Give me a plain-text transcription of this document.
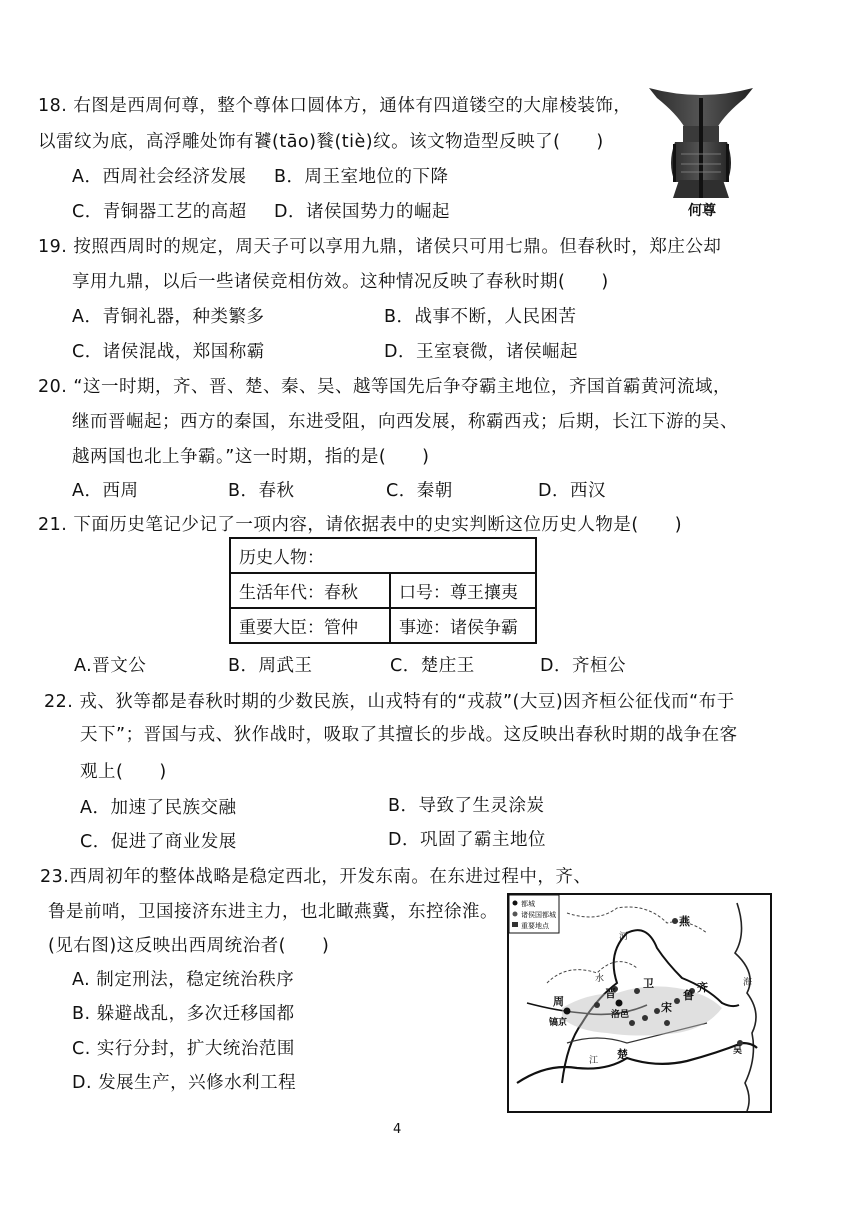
18. 右图是西周何尊，整个尊体口圆体方，通体有四道镂空的大扉棱装饰，
以雷纹为底，高浮雕处饰有饕(tāo)餮(tiè)纹。该文物造型反映了(　　)
A．西周社会经济发展 B．周王室地位的下降
C．青铜器工艺的高超 D．诸侯国势力的崛起	何尊
19. 按照西周时的规定，周天子可以享用九鼎，诸侯只可用七鼎。但春秋时，郑庄公却
享用九鼎，以后一些诸侯竞相仿效。这种情况反映了春秋时期(　　)
A．青铜礼器，种类繁多	B．战事不断，人民困苦
C．诸侯混战，郑国称霸	D．王室衰微，诸侯崛起
20. “这一时期，齐、晋、楚、秦、吴、越等国先后争夺霸主地位，齐国首霸黄河流域，
继而晋崛起；西方的秦国，东进受阻，向西发展，称霸西戎；后期，长江下游的吴、
越两国也北上争霸。”这一时期，指的是(　　)
A．西周	B．春秋	C．秦朝	D．西汉
21. 下面历史笔记少记了一项内容，请依据表中的史实判断这位历史人物是(　　)
历史人物：	
生活年代：春秋	口号：尊王攘夷
重要大臣：管仲	事迹：诸侯争霸
A.晋文公	B．周武王	C．楚庄王	D．齐桓公
22. 戎、狄等都是春秋时期的少数民族，山戎特有的“戎菽”(大豆)因齐桓公征伐而“布于
天下”；晋国与戎、狄作战时，吸取了其擅长的步战。这反映出春秋时期的战争在客
观上(　　)
A．加速了民族交融	B．导致了生灵涂炭
C．促进了商业发展	D．巩固了霸主地位
23.西周初年的整体战略是稳定西北，开发东南。在东进过程中，齐、
鲁是前哨，卫国接济东进主力，也北瞰燕冀，东控徐淮。
(见右图)这反映出西周统治者(　　)
A. 制定刑法，稳定统治秩序
B. 躲避战乱，多次迁移国都
C. 实行分封，扩大统治范围
D. 发展生产，兴修水利工程
都城
诸侯国都城
重要地点	燕
河
水	卫
周
晋	鲁
齐
宋
洛邑
镐京
江 楚	吴
海
4
